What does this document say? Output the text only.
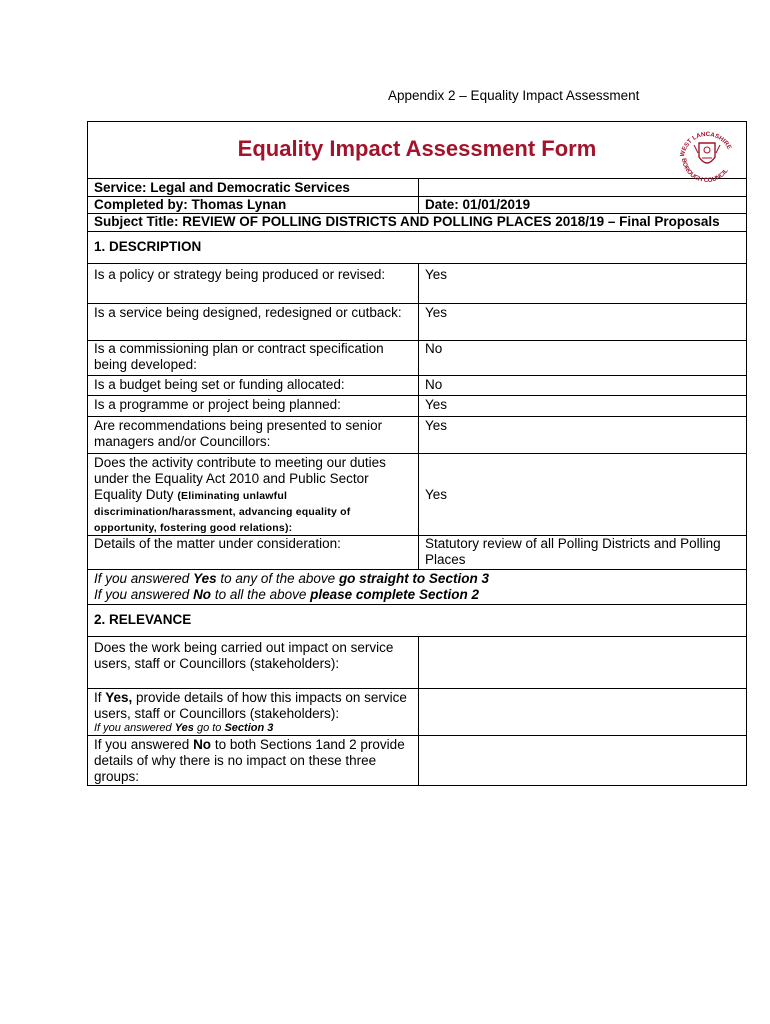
Appendix 2 – Equality Impact Assessment
Equality Impact Assessment Form WEST LANCASHIRE
BOROUGH COUNCIL	

Service: Legal and Democratic Services	
Completed by: Thomas Lynan	Date: 01/01/2019
Subject Title: REVIEW OF POLLING DISTRICTS AND POLLING PLACES 2018/19 – Final Proposals	
1. DESCRIPTION	
Is a policy or strategy being produced or revised:	Yes
Is a service being designed, redesigned or cutback:	Yes
Is a commissioning plan or contract specification being developed:	No
Is a budget being set or funding allocated:	No
Is a programme or project being planned:	Yes
Are recommendations being presented to senior managers and/or Councillors:	Yes
Does the activity contribute to meeting our duties under the Equality Act 2010 and Public Sector Equality Duty (Eliminating unlawful discrimination/harassment, advancing equality of opportunity, fostering good relations):	Yes
Details of the matter under consideration:	Statutory review of all Polling Districts and Polling Places

If you answered Yes to any of the above go straight to Section 3
If you answered No to all the above please complete Section 2	

2. RELEVANCE	
Does the work being carried out impact on service users, staff or Councillors (stakeholders):	

If Yes, provide details of how this impacts on service users, staff or Councillors (stakeholders):
If you answered Yes go to Section 3	

If you answered No to both Sections 1and 2 provide details of why there is no impact on these three groups:	
